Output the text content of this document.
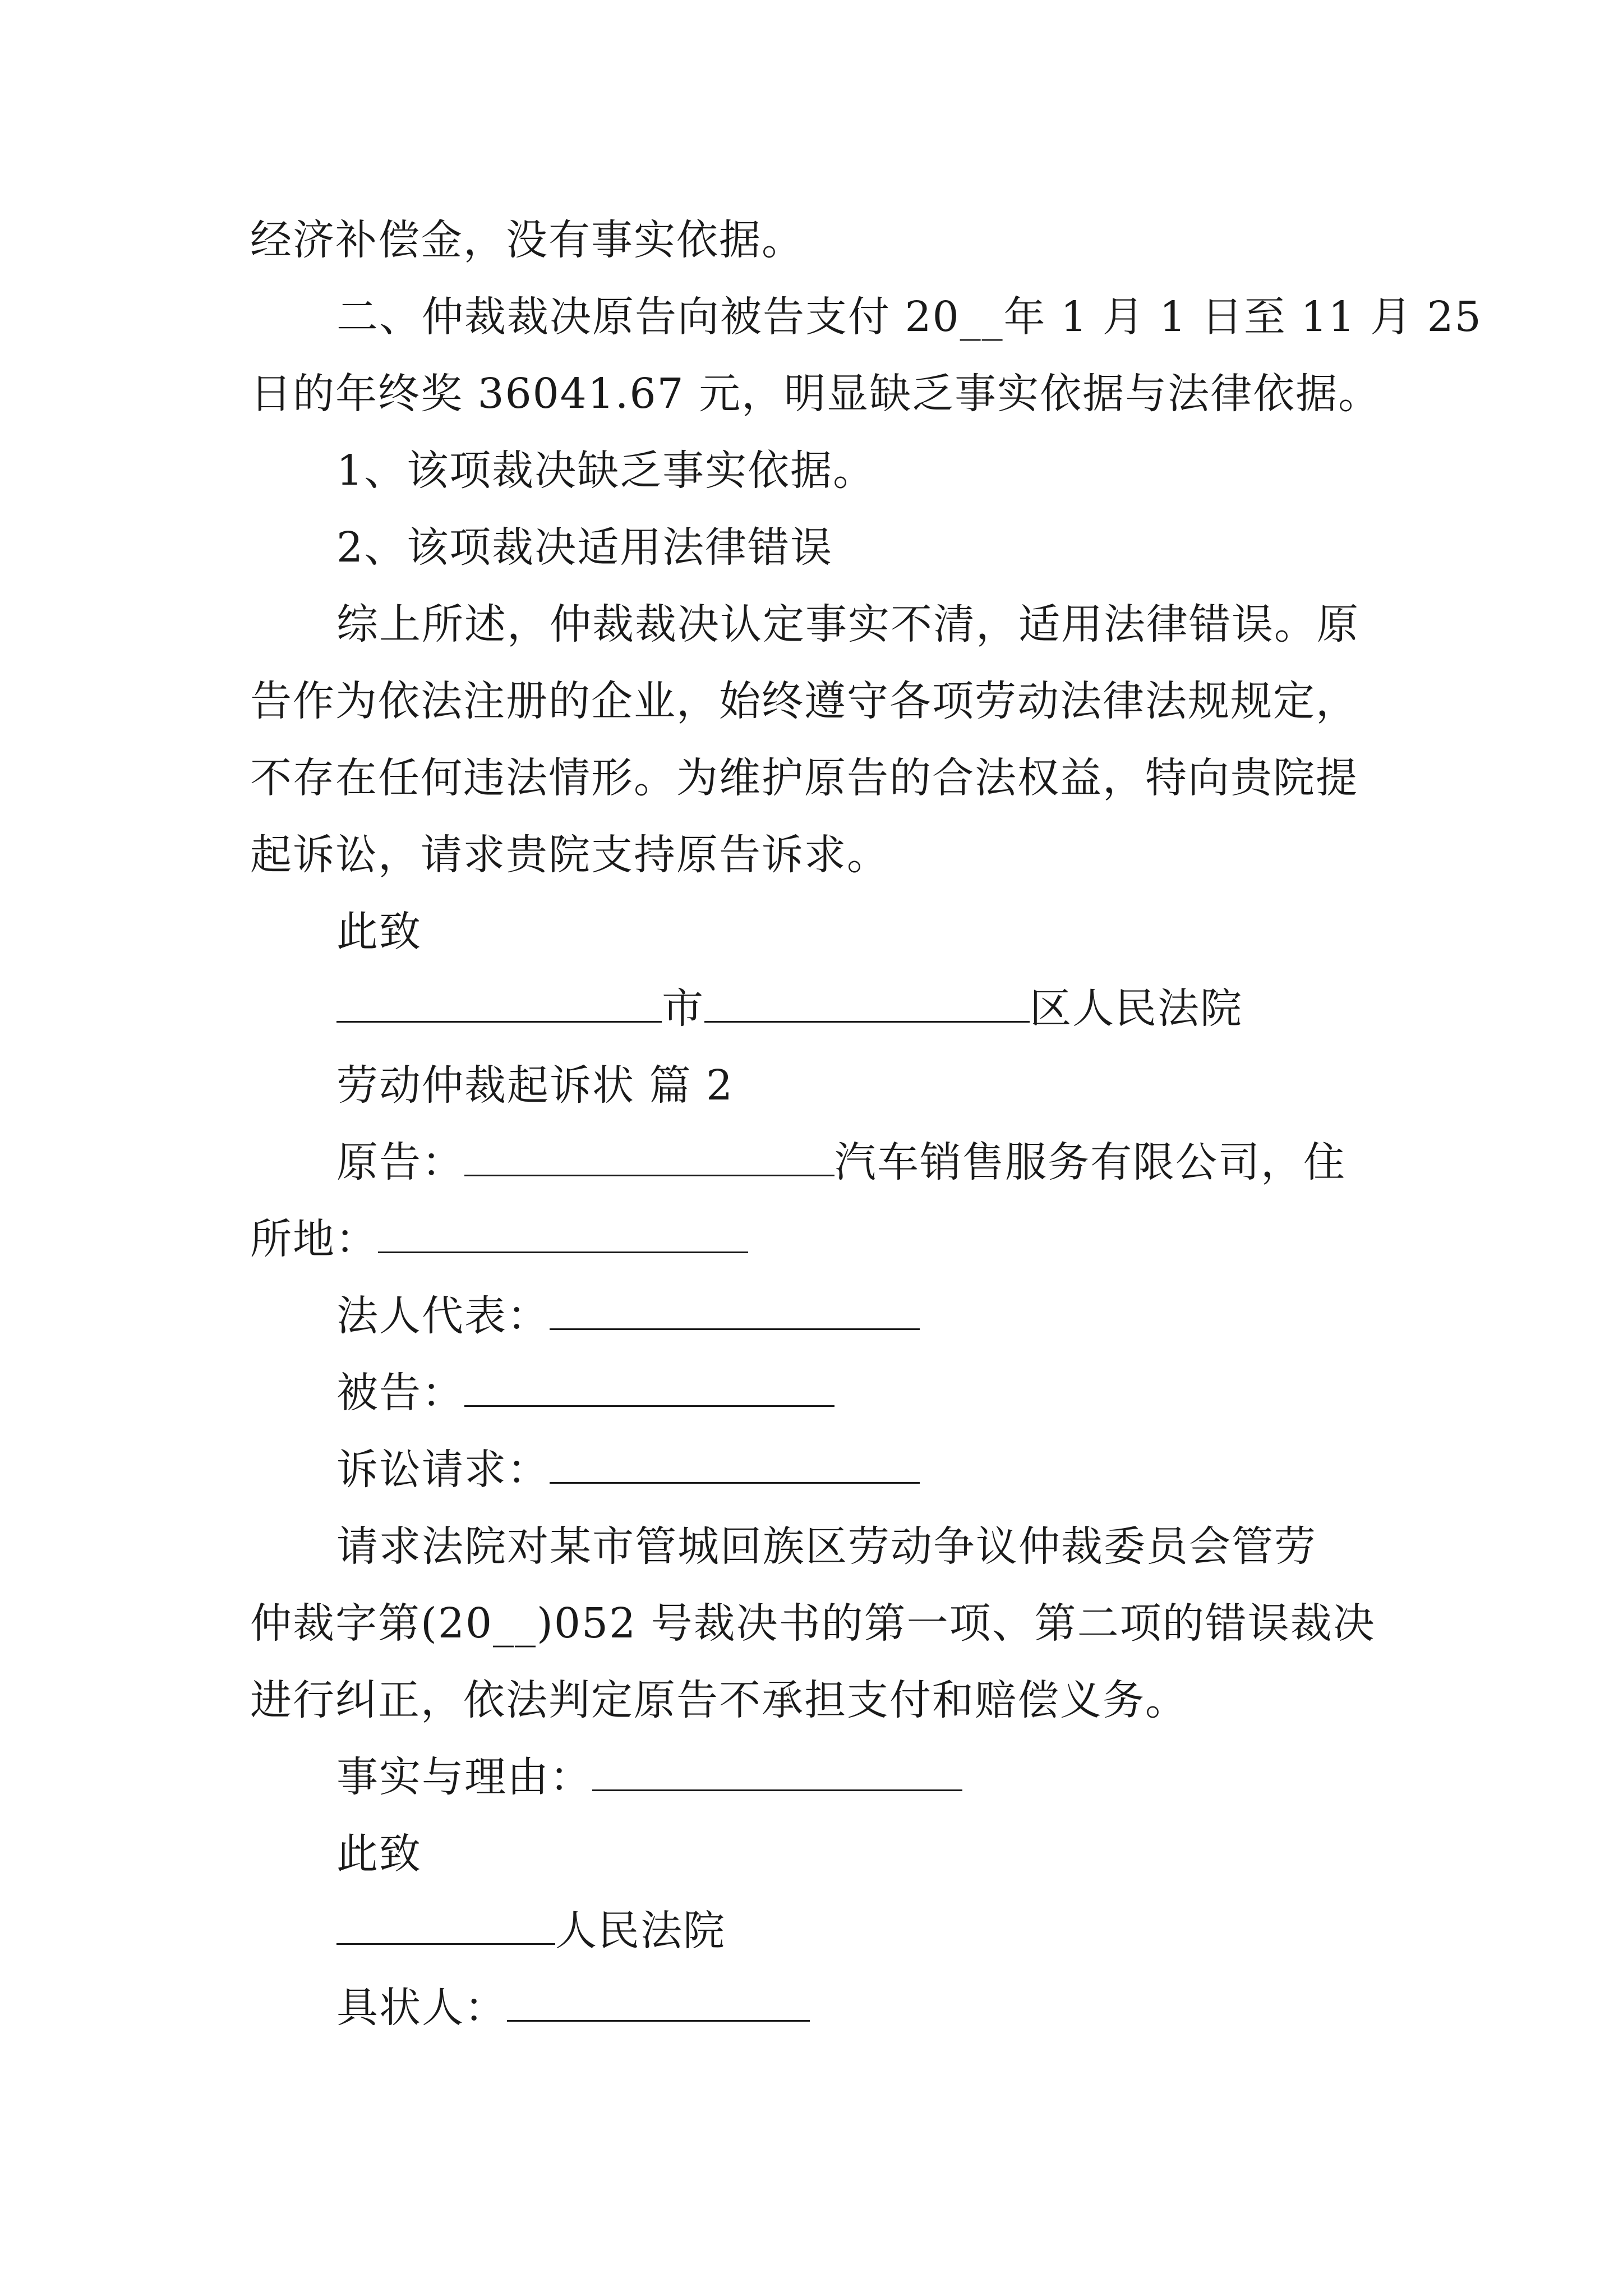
经济补偿金，没有事实依据。
二、仲裁裁决原告向被告支付 20__年 1 月 1 日至 11 月 25
日的年终奖 36041.67 元，明显缺乏事实依据与法律依据。
1、该项裁决缺乏事实依据。
2、该项裁决适用法律错误
综上所述，仲裁裁决认定事实不清，适用法律错误。原
告作为依法注册的企业，始终遵守各项劳动法律法规规定，
不存在任何违法情形。为维护原告的合法权益，特向贵院提
起诉讼，请求贵院支持原告诉求。
此致
市	区人民法院
劳动仲裁起诉状 篇 2
原告：	汽车销售服务有限公司，住
所地：
法人代表：
被告：
诉讼请求：
请求法院对某市管城回族区劳动争议仲裁委员会管劳
仲裁字第(20__)052 号裁决书的第一项、第二项的错误裁决
进行纠正，依法判定原告不承担支付和赔偿义务。
事实与理由：
此致
人民法院
具状人：
